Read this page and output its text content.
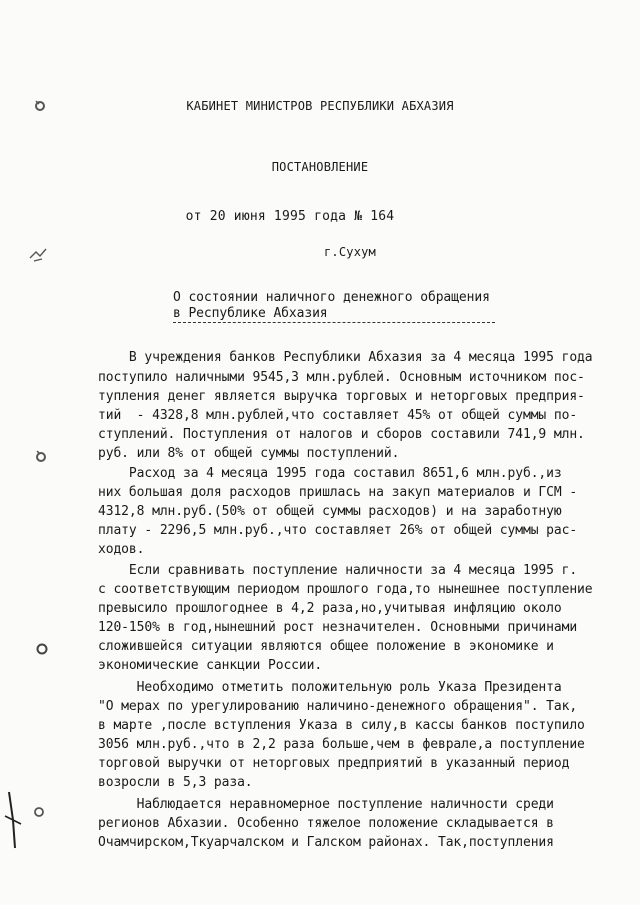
КАБИНЕТ МИНИСТРОВ РЕСПУБЛИКИ АБХАЗИЯ
ПОСТАНОВЛЕНИЕ
от 20 июня 1995 года № 164
г.Сухум
О состоянии наличного денежного обращения
в Республике Абхазия
В учреждения банков Республики Абхазия за 4 месяца 1995 года
поступило наличными 9545,3 млн.рублей. Основным источником пос-
тупления денег является выручка торговых и неторговых предприя-
тий  - 4328,8 млн.рублей,что составляет 45% от общей суммы по-
ступлений. Поступления от налогов и сборов составили 741,9 млн.
руб. или 8% от общей суммы поступлений.
Расход за 4 месяца 1995 года составил 8651,6 млн.руб.,из
них большая доля расходов пришлась на закуп материалов и ГСМ -
4312,8 млн.руб.(50% от общей суммы расходов) и на заработную
плату - 2296,5 млн.руб.,что составляет 26% от общей суммы рас-
ходов.
Если сравнивать поступление наличности за 4 месяца 1995 г.
с соответствующим периодом прошлого года,то нынешнее поступление
превысило прошлогоднее в 4,2 раза,но,учитывая инфляцию около
120-150% в год,нынешний рост незначителен. Основными причинами
сложившейся ситуации являются общее положение в экономике и
экономические санкции России.
Необходимо отметить положительную роль Указа Президента
"О мерах по урегулированию наличино-денежного обращения". Так,
в марте ,после вступления Указа в силу,в кассы банков поступило
3056 млн.руб.,что в 2,2 раза больше,чем в феврале,а поступление
торговой выручки от неторговых предприятий в указанный период
возросли в 5,3 раза.
Наблюдается неравномерное поступление наличности среди
регионов Абхазии. Особенно тяжелое положение складывается в
Очамчирском,Ткуарчалском и Галском районах. Так,поступления
